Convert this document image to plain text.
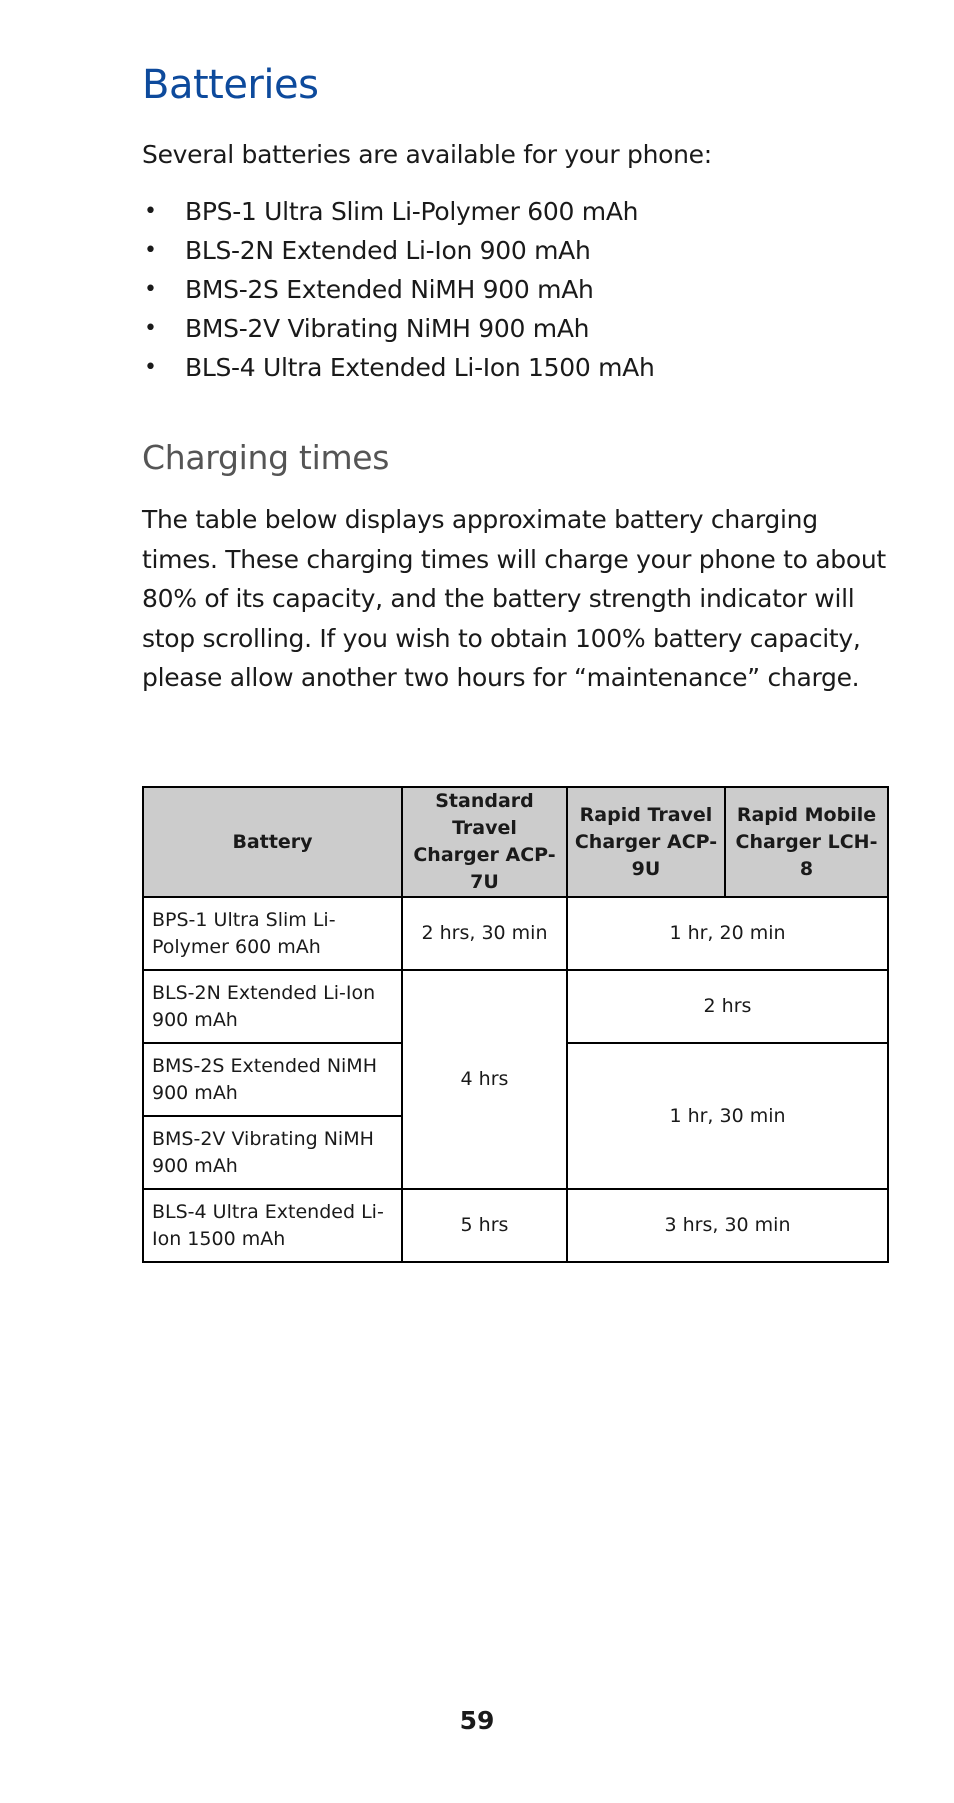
Batteries

Several batteries are available for your phone:

• BPS-1 Ultra Slim Li-Polymer 600 mAh
• BLS-2N Extended Li-Ion 900 mAh
• BMS-2S Extended NiMH 900 mAh
• BMS-2V Vibrating NiMH 900 mAh
• BLS-4 Ultra Extended Li-Ion 1500 mAh
Charging times

The table below displays approximate battery charging times. These charging times will charge your phone to about 80% of its capacity, and the battery strength indicator will stop scrolling. If you wish to obtain 100% battery capacity, please allow another two hours for “maintenance” charge.

Battery	Standard Travel Charger ACP-7U	Rapid Travel Charger ACP-9U	Rapid Mobile Charger LCH-8
BPS-1 Ultra Slim Li-Polymer 600 mAh	2 hrs, 30 min	1 hr, 20 min	
BLS-2N Extended Li-Ion 900 mAh	4 hrs	2 hrs	
BMS-2S Extended NiMH 900 mAh		1 hr, 30 min	
BMS-2V Vibrating NiMH 900 mAh			
BLS-4 Ultra Extended Li-Ion 1500 mAh	5 hrs	3 hrs, 30 min	
59
